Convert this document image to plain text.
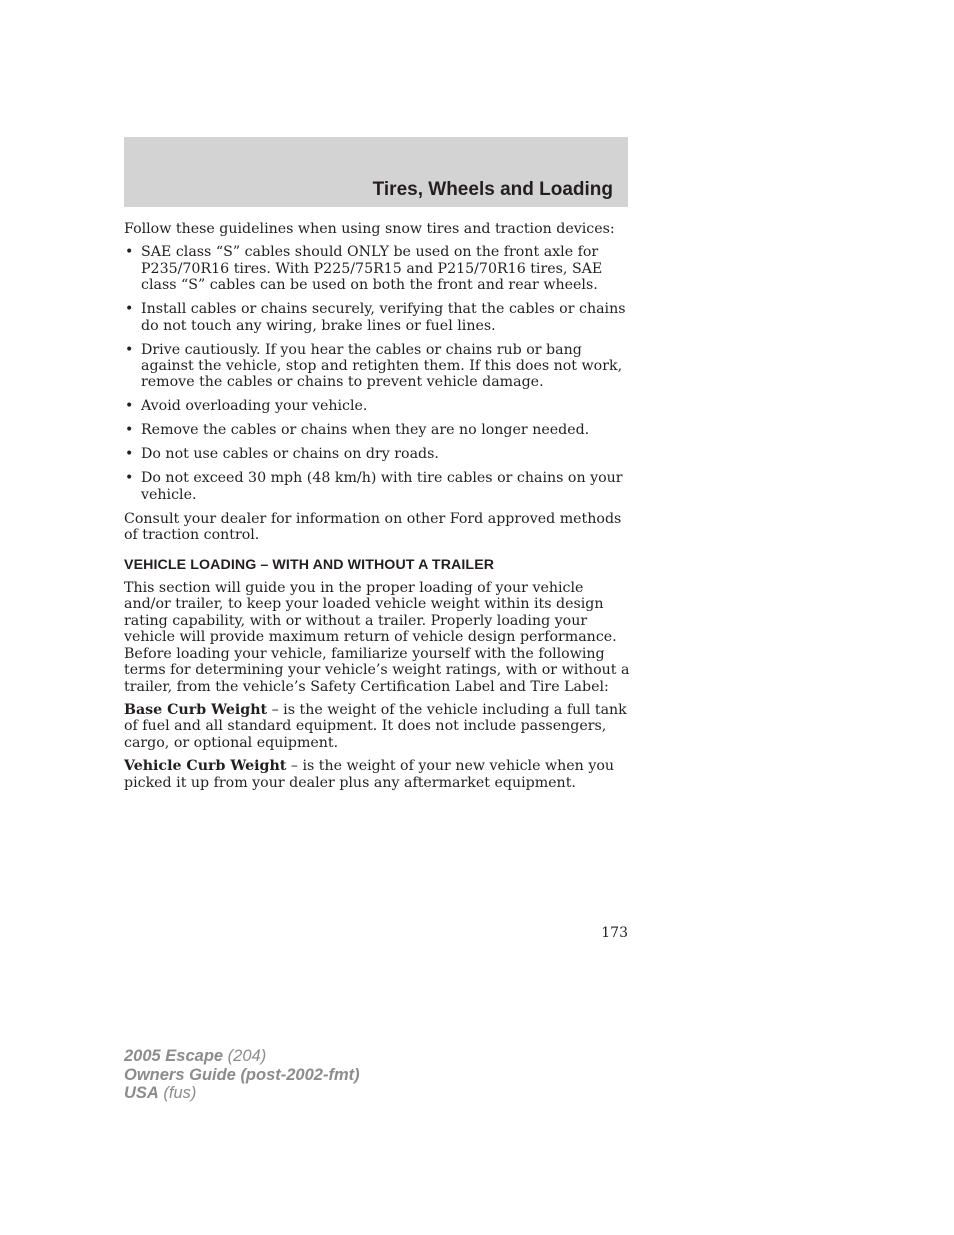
Tires, Wheels and Loading

Follow these guidelines when using snow tires and traction devices:

• SAE class “S” cables should ONLY be used on the front axle for P235/70R16 tires. With P225/75R15 and P215/70R16 tires, SAE class “S” cables can be used on both the front and rear wheels.
• Install cables or chains securely, verifying that the cables or chains do not touch any wiring, brake lines or fuel lines.
• Drive cautiously. If you hear the cables or chains rub or bang against the vehicle, stop and retighten them. If this does not work, remove the cables or chains to prevent vehicle damage.
• Avoid overloading your vehicle.
• Remove the cables or chains when they are no longer needed.
• Do not use cables or chains on dry roads.
• Do not exceed 30 mph (48 km/h) with tire cables or chains on your vehicle.

Consult your dealer for information on other Ford approved methods of traction control.

VEHICLE LOADING – WITH AND WITHOUT A TRAILER

This section will guide you in the proper loading of your vehicle and/or trailer, to keep your loaded vehicle weight within its design rating capability, with or without a trailer. Properly loading your vehicle will provide maximum return of vehicle design performance. Before loading your vehicle, familiarize yourself with the following terms for determining your vehicle’s weight ratings, with or without a trailer, from the vehicle’s Safety Certification Label and Tire Label:

Base Curb Weight – is the weight of the vehicle including a full tank of fuel and all standard equipment. It does not include passengers, cargo, or optional equipment.

Vehicle Curb Weight – is the weight of your new vehicle when you picked it up from your dealer plus any aftermarket equipment.

173
2005 Escape (204)
Owners Guide (post-2002-fmt)
USA (fus)
